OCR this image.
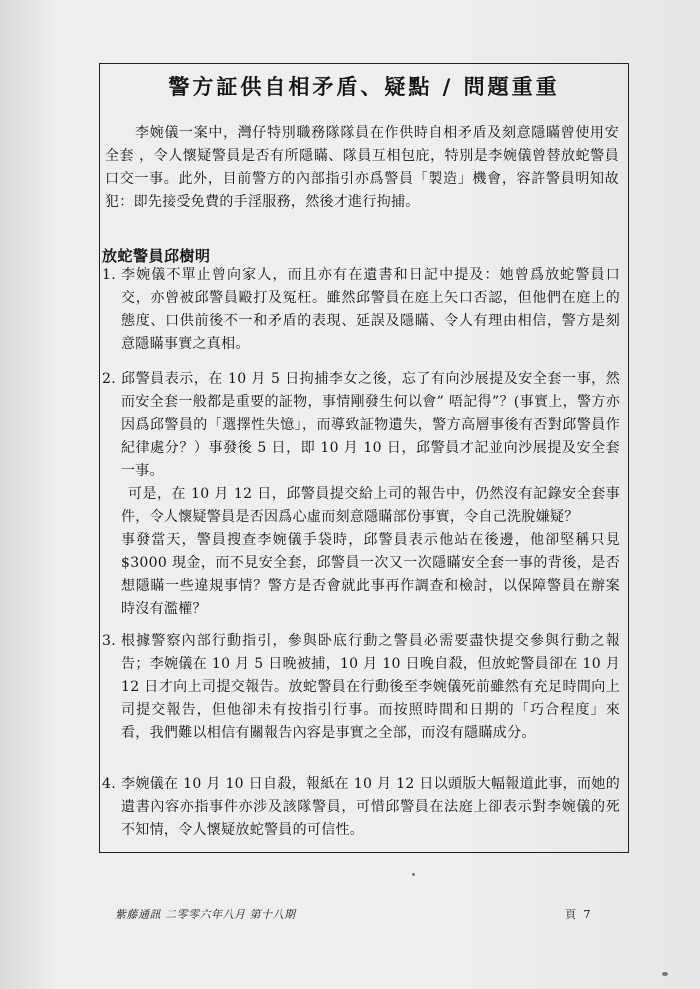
警方証供自相矛盾、疑點 / 問題重重

李婉儀一案中，灣仔特別職務隊隊員在作供時自相矛盾及刻意隱瞞曾使用安全套 ，令人懷疑警員是否有所隱瞞、隊員互相包庇，特別是李婉儀曾替放蛇警員口交一事。此外，目前警方的內部指引亦爲警員「製造」機會，容許警員明知故犯：即先接受免費的手淫服務，然後才進行拘捕。

放蛇警員邱樹明
1. 李婉儀不單止曾向家人，而且亦有在遺書和日記中提及：她曾爲放蛇警員口交，亦曾被邱警員毆打及冤枉。雖然邱警員在庭上矢口否認，但他們在庭上的態度、口供前後不一和矛盾的表現、延誤及隱瞞、令人有理由相信，警方是刻意隱瞞事實之真相。

2. 邱警員表示，在 10 月 5 日拘捕李女之後，忘了有向沙展提及安全套一事，然而安全套一般都是重要的証物，事情剛發生何以會” 唔記得”？(事實上，警方亦因爲邱警員的「選擇性失憶」，而導致証物遺失，警方高層事後有否對邱警員作紀律處分？）事發後 5 日，即 10 月 10 日，邱警員才記並向沙展提及安全套一事。

可是，在 10 月 12 日，邱警員提交給上司的報告中，仍然沒有記錄安全套事件，令人懷疑警員是否因爲心虛而刻意隱瞞部份事實，令自己洗脫嫌疑？

事發當天，警員搜查李婉儀手袋時，邱警員表示他站在後邊，他卻堅稱只見$3000 現金，而不見安全套，邱警員一次又一次隱瞞安全套一事的背後，是否想隱瞞一些違規事情？警方是否會就此事再作調查和檢討，以保障警員在辦案時沒有濫權？

3. 根據警察內部行動指引，參與卧底行動之警員必需要盡快提交參與行動之報告；李婉儀在 10 月 5 日晚被捕，10 月 10 日晚自殺，但放蛇警員卻在 10 月 12 日才向上司提交報告。放蛇警員在行動後至李婉儀死前雖然有充足時間向上司提交報告，但他卻未有按指引行事。而按照時間和日期的「巧合程度」來看，我們難以相信有關報告內容是事實之全部，而沒有隱瞞成分。

4. 李婉儀在 10 月 10 日自殺，報紙在 10 月 12 日以頭版大幅報道此事，而她的遺書內容亦指事件亦涉及該隊警員，可惜邱警員在法庭上卻表示對李婉儀的死不知情，令人懷疑放蛇警員的可信性。

紫藤通訊 二零零六年八月 第十八期	頁 7
